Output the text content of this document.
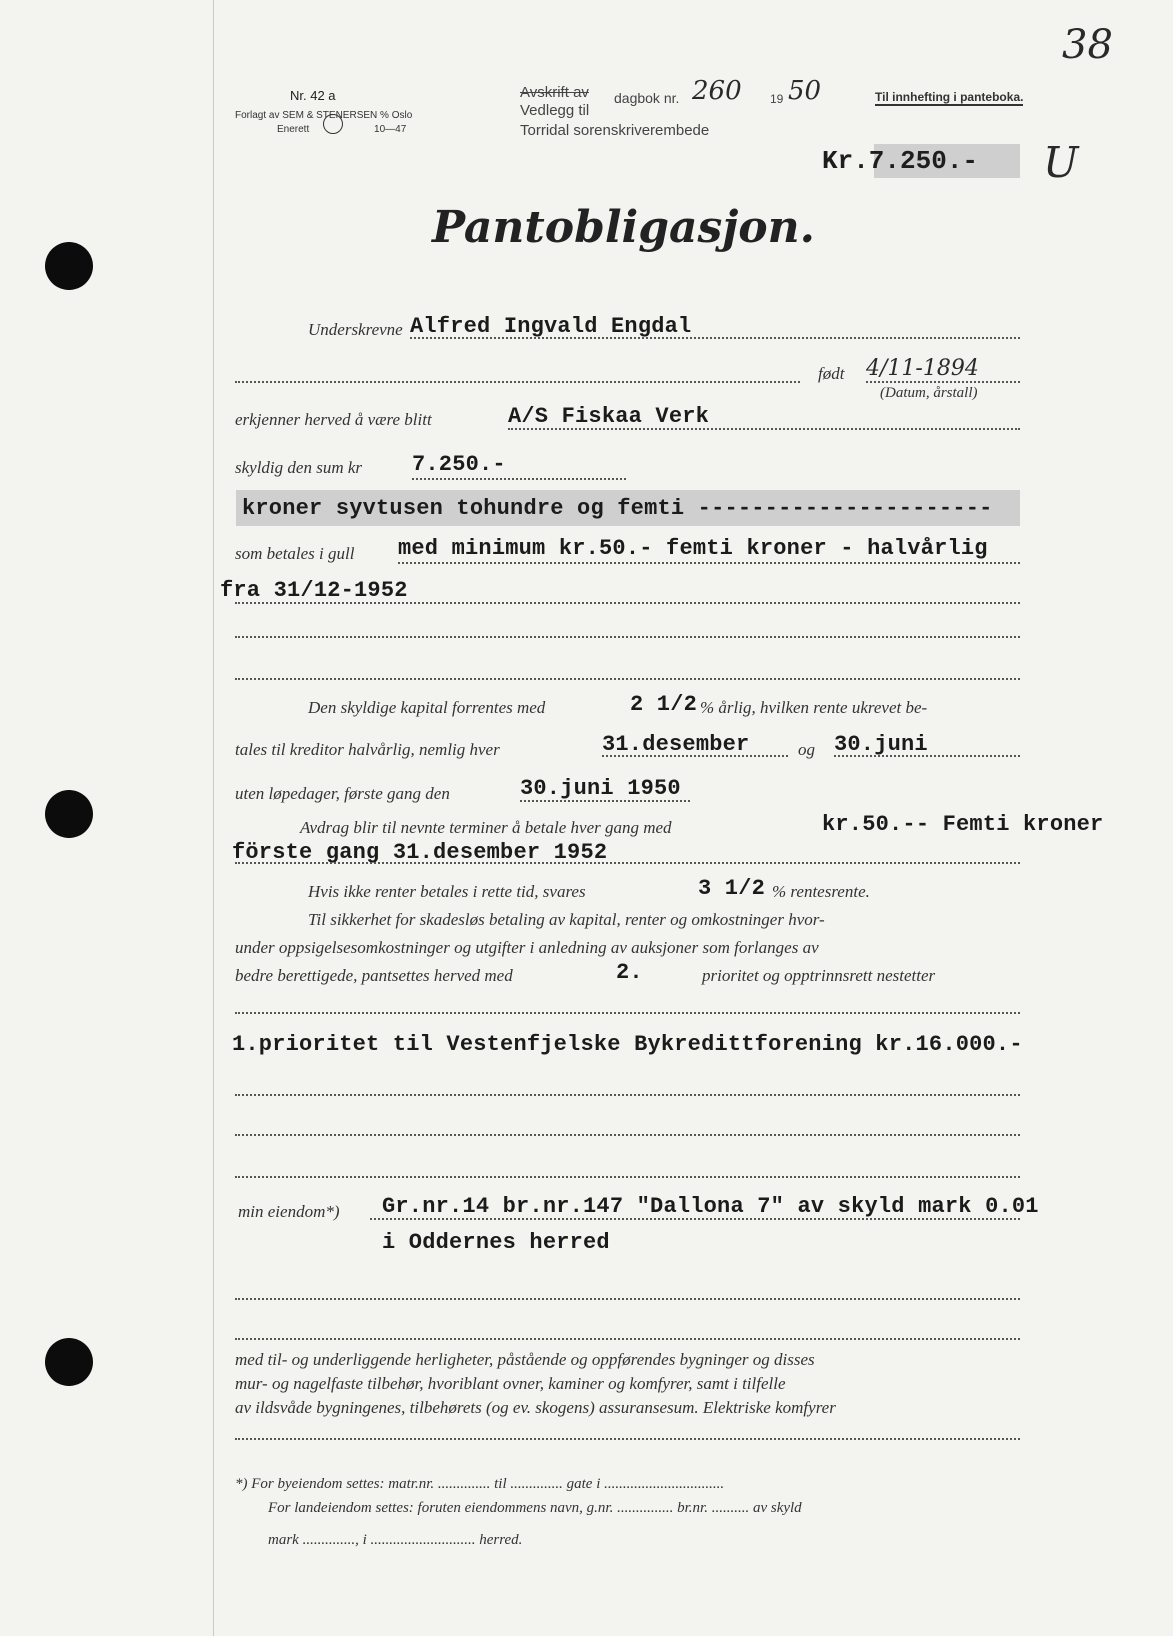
38
U
Nr. 42 a
Forlagt av SEM & STENERSEN % Oslo
Enerett	10—47
Avskrift av
Vedlegg til
Torridal sorenskriverembede
dagbok nr. 260 19 50	Til innhefting i panteboka.
Kr.7.250.-
Pantobligasjon.
Underskrevne Alfred Ingvald Engdal
født 4/11-1894
(Datum, årstall)
erkjenner herved å være blitt	A/S Fiskaa Verk
skyldig den sum kr 7.250.-
kroner syvtusen tohundre og femti ----------------------
som betales i gull med minimum kr.50.- femti kroner - halvårlig
fra 31/12-1952
Den skyldige kapital forrentes med	2 1/2 % årlig, hvilken rente ukrevet be-
tales til kreditor halvårlig, nemlig hver	31.desember	og 30.juni
uten løpedager, første gang den	30.juni 1950
Avdrag blir til nevnte terminer å betale hver gang med	kr.50.-- Femti kroner
förste gang 31.desember 1952
Hvis ikke renter betales i rette tid, svares	3 1/2 % rentesrente.
Til sikkerhet for skadesløs betaling av kapital, renter og omkostninger hvor-
under oppsigelsesomkostninger og utgifter i anledning av auksjoner som forlanges av
bedre berettigede, pantsettes herved med	2.	prioritet og opptrinnsrett nestetter
1.prioritet til Vestenfjelske Bykredittforening kr.16.000.-
min eiendom*) Gr.nr.14 br.nr.147 "Dallona 7" av skyld mark 0.01
i Oddernes herred
med til- og underliggende herligheter, påstående og oppførendes bygninger og disses
mur- og nagelfaste tilbehør, hvoriblant ovner, kaminer og komfyrer, samt i tilfelle
av ildsvåde bygningenes, tilbehørets (og ev. skogens) assuransesum. Elektriske komfyrer
*) For byeiendom settes: matr.nr. .............. til .............. gate i ................................
For landeiendom settes: foruten eiendommens navn, g.nr. ............... br.nr. .......... av skyld
mark .............., i ............................ herred.
